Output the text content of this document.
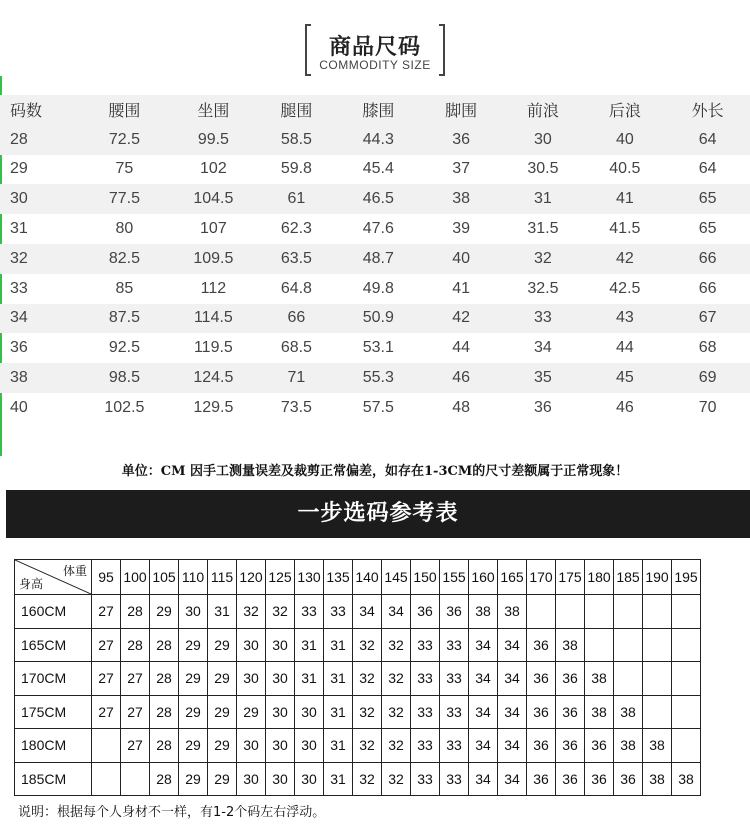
商品尺码
COMMODITY SIZE
码数	腰围	坐围	腿围	膝围	脚围	前浪	后浪	外长
28	72.5	99.5	58.5	44.3	36	30	40	64
29	75	102	59.8	45.4	37	30.5	40.5	64
30	77.5	104.5	61	46.5	38	31	41	65
31	80	107	62.3	47.6	39	31.5	41.5	65
32	82.5	109.5	63.5	48.7	40	32	42	66
33	85	112	64.8	49.8	41	32.5	42.5	66
34	87.5	114.5	66	50.9	42	33	43	67
36	92.5	119.5	68.5	53.1	44	34	44	68
38	98.5	124.5	71	55.3	46	35	45	69
40	102.5	129.5	73.5	57.5	48	36	46	70
单位：CM 因手工测量误差及裁剪正常偏差，如存在1-3CM的尺寸差额属于正常现象！
一步选码参考表
体重
身高	95	100	105	110	115	120	125	130	135	140	145	150	155	160	165	170	175	180	185	190	195
160CM	27	28	29	30	31	32	32	33	33	34	34	36	36	38	38						
165CM	27	28	28	29	29	30	30	31	31	32	32	33	33	34	34	36	38				
170CM	27	27	28	29	29	30	30	31	31	32	32	33	33	34	34	36	36	38			
175CM	27	27	28	29	29	29	30	30	31	32	32	33	33	34	34	36	36	38	38		
180CM		27	28	29	29	30	30	30	31	32	32	33	33	34	34	36	36	36	38	38	
185CM			28	29	29	30	30	30	31	32	32	33	33	34	34	36	36	36	36	38	38
说明：根据每个人身材不一样，有1-2个码左右浮动。
